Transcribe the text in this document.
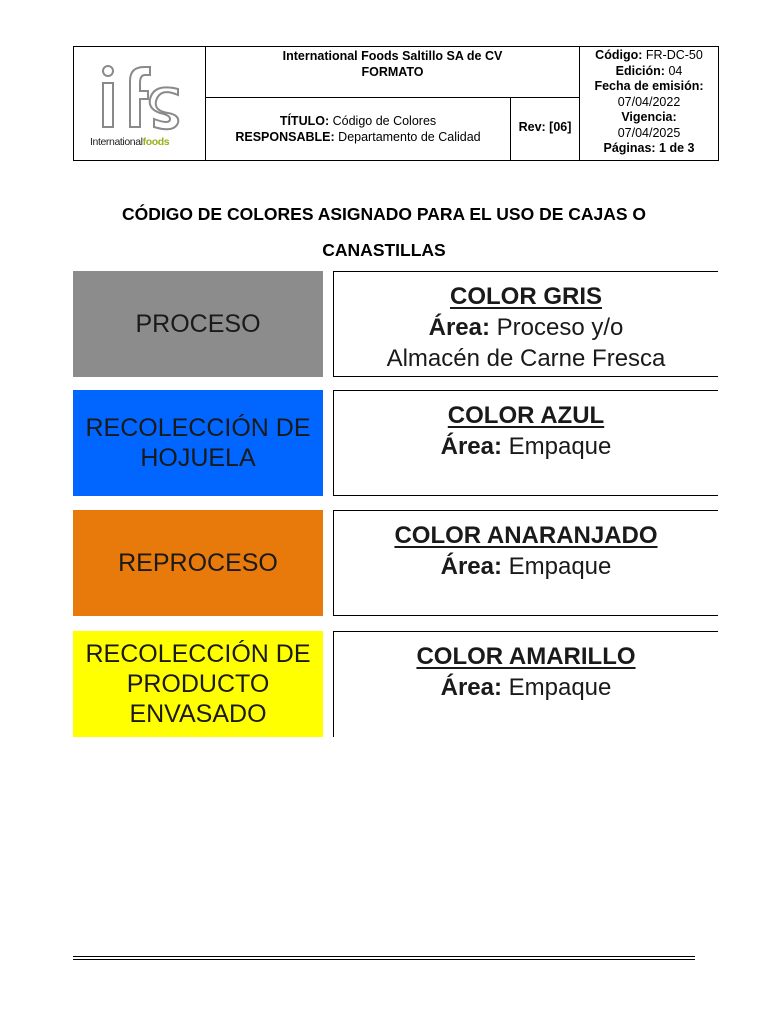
Internationalfoods
International Foods Saltillo SA de CV
FORMATO
TÍTULO: Código de Colores
RESPONSABLE: Departamento de Calidad
Rev: [06]
Código: FR-DC-50
Edición: 04
Fecha de emisión:
07/04/2022
Vigencia:
07/04/2025
Páginas: 1 de 3
CÓDIGO DE COLORES ASIGNADO PARA EL USO DE CAJAS O
CANASTILLAS
PROCESO
COLOR GRIS
Área: Proceso y/o
Almacén de Carne Fresca
RECOLECCIÓN DE
HOJUELA
COLOR AZUL
Área: Empaque
REPROCESO
COLOR ANARANJADO
Área: Empaque
RECOLECCIÓN DE
PRODUCTO
ENVASADO
COLOR AMARILLO
Área: Empaque
